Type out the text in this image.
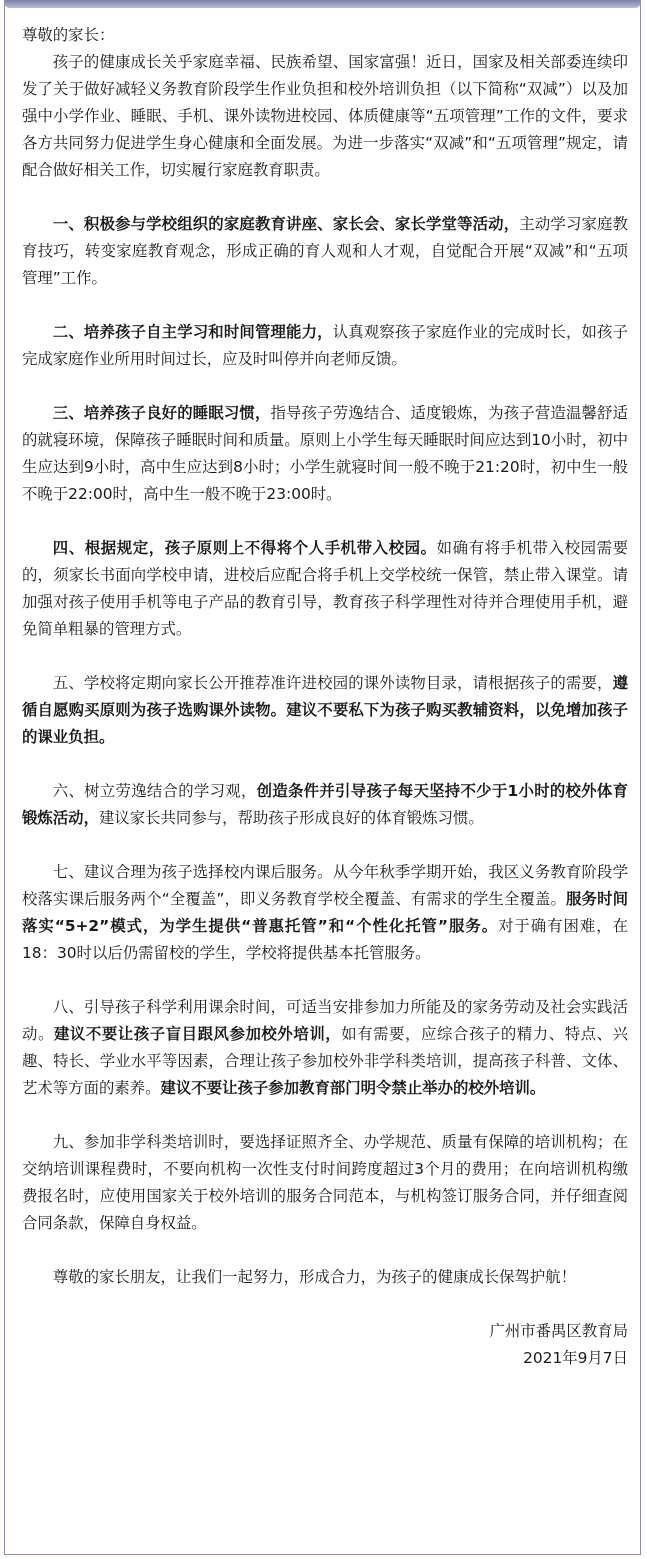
尊敬的家长：

孩子的健康成长关乎家庭幸福、民族希望、国家富强！近日，国家及相关部委连续印发了关于做好减轻义务教育阶段学生作业负担和校外培训负担（以下简称“双减”）以及加强中小学作业、睡眠、手机、课外读物进校园、体质健康等“五项管理”工作的文件，要求各方共同努力促进学生身心健康和全面发展。为进一步落实“双减”和“五项管理”规定，请配合做好相关工作，切实履行家庭教育职责。

一、积极参与学校组织的家庭教育讲座、家长会、家长学堂等活动，主动学习家庭教育技巧，转变家庭教育观念，形成正确的育人观和人才观，自觉配合开展“双减”和“五项管理”工作。

二、培养孩子自主学习和时间管理能力，认真观察孩子家庭作业的完成时长，如孩子完成家庭作业所用时间过长，应及时叫停并向老师反馈。

三、培养孩子良好的睡眠习惯，指导孩子劳逸结合、适度锻炼，为孩子营造温馨舒适的就寝环境，保障孩子睡眠时间和质量。原则上小学生每天睡眠时间应达到10小时，初中生应达到9小时，高中生应达到8小时；小学生就寝时间一般不晚于21:20时，初中生一般不晚于22:00时，高中生一般不晚于23:00时。

四、根据规定，孩子原则上不得将个人手机带入校园。如确有将手机带入校园需要的，须家长书面向学校申请，进校后应配合将手机上交学校统一保管，禁止带入课堂。请加强对孩子使用手机等电子产品的教育引导，教育孩子科学理性对待并合理使用手机，避免简单粗暴的管理方式。

五、学校将定期向家长公开推荐准许进校园的课外读物目录，请根据孩子的需要，遵循自愿购买原则为孩子选购课外读物。建议不要私下为孩子购买教辅资料，以免增加孩子的课业负担。

六、树立劳逸结合的学习观，创造条件并引导孩子每天坚持不少于1小时的校外体育锻炼活动，建议家长共同参与，帮助孩子形成良好的体育锻炼习惯。

七、建议合理为孩子选择校内课后服务。从今年秋季学期开始，我区义务教育阶段学校落实课后服务两个“全覆盖”，即义务教育学校全覆盖、有需求的学生全覆盖。服务时间落实“5+2”模式，为学生提供“普惠托管”和“个性化托管”服务。对于确有困难，在18：30时以后仍需留校的学生，学校将提供基本托管服务。

八、引导孩子科学利用课余时间，可适当安排参加力所能及的家务劳动及社会实践活动。建议不要让孩子盲目跟风参加校外培训，如有需要，应综合孩子的精力、特点、兴趣、特长、学业水平等因素，合理让孩子参加校外非学科类培训，提高孩子科普、文体、艺术等方面的素养。建议不要让孩子参加教育部门明令禁止举办的校外培训。

九、参加非学科类培训时，要选择证照齐全、办学规范、质量有保障的培训机构；在交纳培训课程费时，不要向机构一次性支付时间跨度超过3个月的费用；在向培训机构缴费报名时，应使用国家关于校外培训的服务合同范本，与机构签订服务合同，并仔细查阅合同条款，保障自身权益。

尊敬的家长朋友，让我们一起努力，形成合力，为孩子的健康成长保驾护航！

广州市番禺区教育局
2021年9月7日
